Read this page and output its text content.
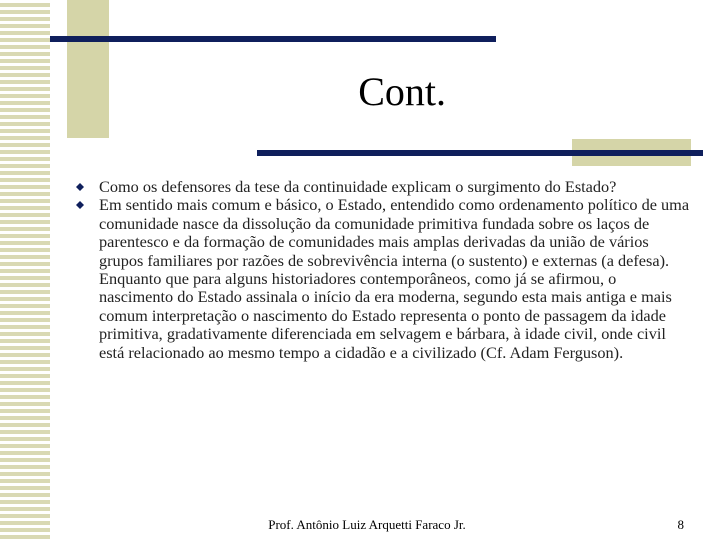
Cont.

Como os defensores da tese da continuidade explicam o surgimento do Estado?

Em sentido mais comum e básico, o Estado, entendido como ordenamento político de uma comunidade nasce da dissolução da comunidade primitiva fundada sobre os laços de parentesco e da formação de comunidades mais amplas derivadas da união de vários grupos familiares por razões de sobrevivência interna (o sustento) e externas (a defesa). Enquanto que para alguns historiadores contemporâneos, como já se afirmou, o nascimento do Estado assinala o início da era moderna, segundo esta mais antiga e mais comum interpretação o nascimento do Estado representa o ponto de passagem da idade primitiva, gradativamente diferenciada em selvagem e bárbara, à idade civil, onde civil está relacionado ao mesmo tempo a cidadão e a civilizado (Cf. Adam Ferguson).

Prof. Antônio Luiz Arquetti Faraco Jr.	8
